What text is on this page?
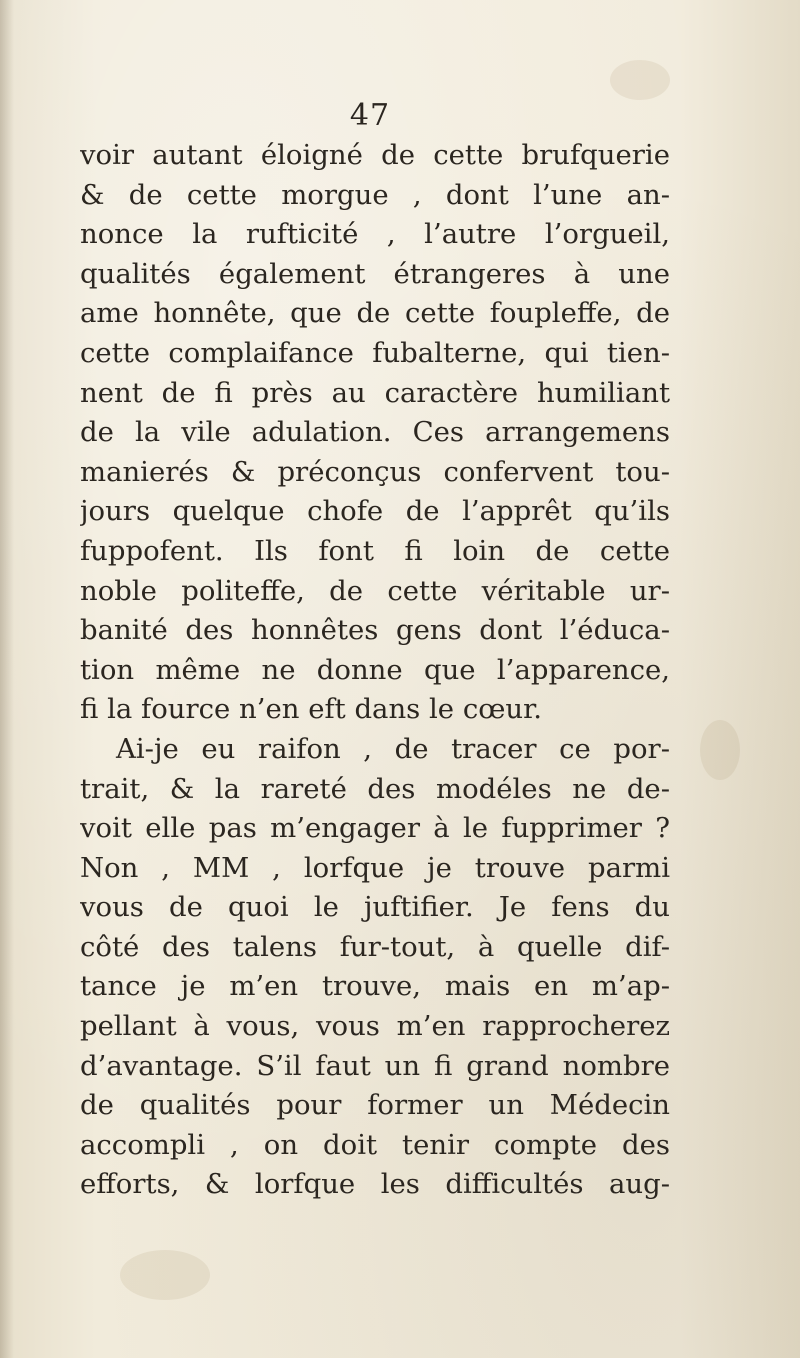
47
voir autant éloigné de cette brufquerie
& de cette morgue , dont l’une an-
nonce la rufticité , l’autre l’orgueil,
qualités également étrangeres à une
ame honnête, que de cette foupleffe, de
cette complaifance fubalterne, qui tien-
nent de fi près au caractère humiliant
de la vile adulation. Ces arrangemens
manierés & préconçus confervent tou-
jours quelque chofe de l’apprêt qu’ils
fuppofent. Ils font fi loin de cette
noble politeffe, de cette véritable ur-
banité des honnêtes gens dont l’éduca-
tion même ne donne que l’apparence,
fi la fource n’en eft dans le cœur.
Ai-je eu raifon , de tracer ce por-
trait, & la rareté des modéles ne de-
voit elle pas m’engager à le fupprimer ?
Non , MM , lorfque je trouve parmi
vous de quoi le juftifier. Je fens du
côté des talens fur-tout, à quelle dif-
tance je m’en trouve, mais en m’ap-
pellant à vous, vous m’en rapprocherez
d’avantage. S’il faut un fi grand nombre
de qualités pour former un Médecin
accompli , on doit tenir compte des
efforts, & lorfque les difficultés aug-
